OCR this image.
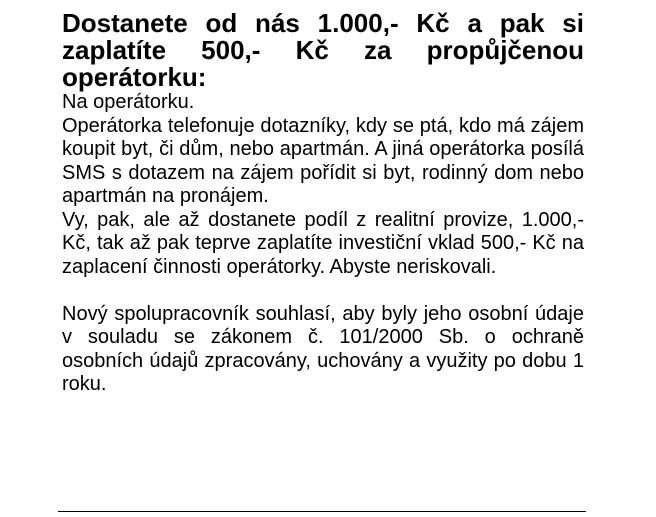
Dostanete od nás 1.000,- Kč a pak si zaplatíte 500,- Kč za propůjčenou operátorku:

Na operátorku.

Operátorka telefonuje dotazníky, kdy se ptá, kdo má zájem koupit byt, či dům, nebo apartmán. A jiná operátorka posílá SMS s dotazem na zájem pořídit si byt, rodinný dom nebo apartmán na pronájem.

Vy, pak, ale až dostanete podíl z realitní provize, 1.000,- Kč, tak až pak teprve zaplatíte investiční vklad 500,- Kč na zaplacení činnosti operátorky. Abyste neriskovali.

Nový spolupracovník souhlasí, aby byly jeho osobní údaje v souladu se zákonem č. 101/2000 Sb. o ochraně osobních údajů zpracovány, uchovány a využity po dobu 1 roku.
